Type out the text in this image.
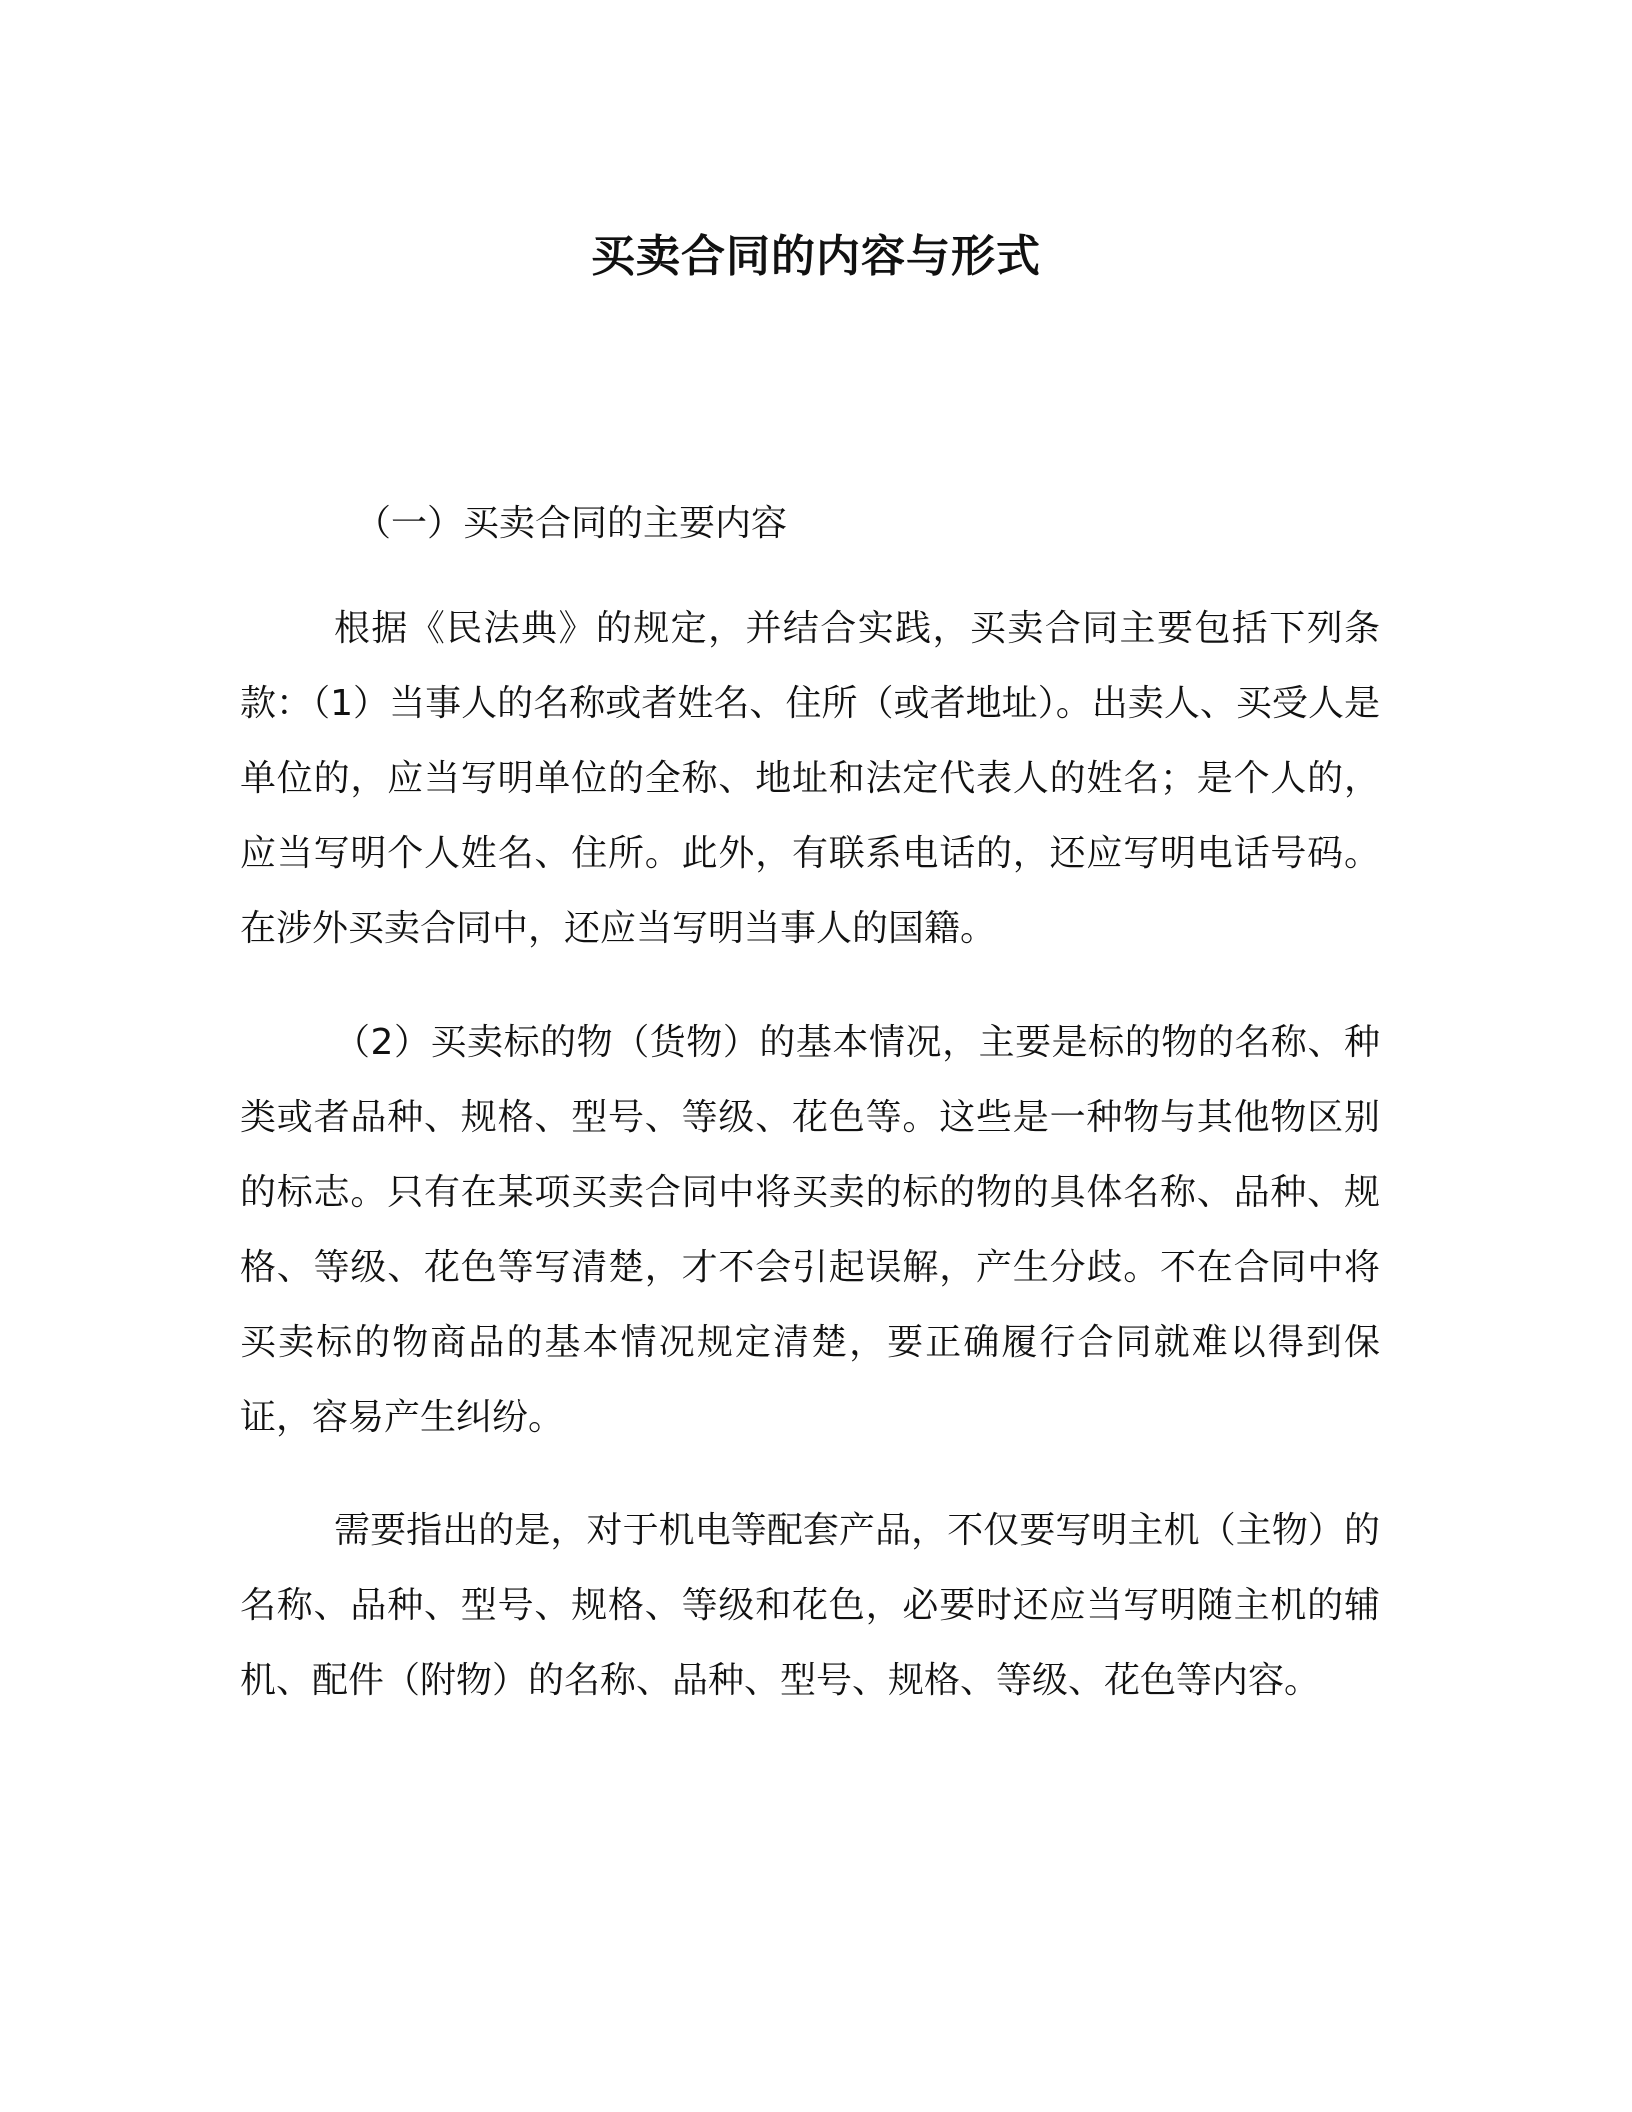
买卖合同的内容与形式

（一）买卖合同的主要内容

根据《民法典》的规定，并结合实践，买卖合同主要包括下列条款：（1）当事人的名称或者姓名、住所（或者地址）。出卖人、买受人是单位的，应当写明单位的全称、地址和法定代表人的姓名；是个人的，应当写明个人姓名、住所。此外，有联系电话的，还应写明电话号码。在涉外买卖合同中，还应当写明当事人的国籍。

（2）买卖标的物（货物）的基本情况，主要是标的物的名称、种类或者品种、规格、型号、等级、花色等。这些是一种物与其他物区别的标志。只有在某项买卖合同中将买卖的标的物的具体名称、品种、规格、等级、花色等写清楚，才不会引起误解，产生分歧。不在合同中将买卖标的物商品的基本情况规定清楚，要正确履行合同就难以得到保证，容易产生纠纷。

需要指出的是，对于机电等配套产品，不仅要写明主机（主物）的名称、品种、型号、规格、等级和花色，必要时还应当写明随主机的辅机、配件（附物）的名称、品种、型号、规格、等级、花色等内容。
